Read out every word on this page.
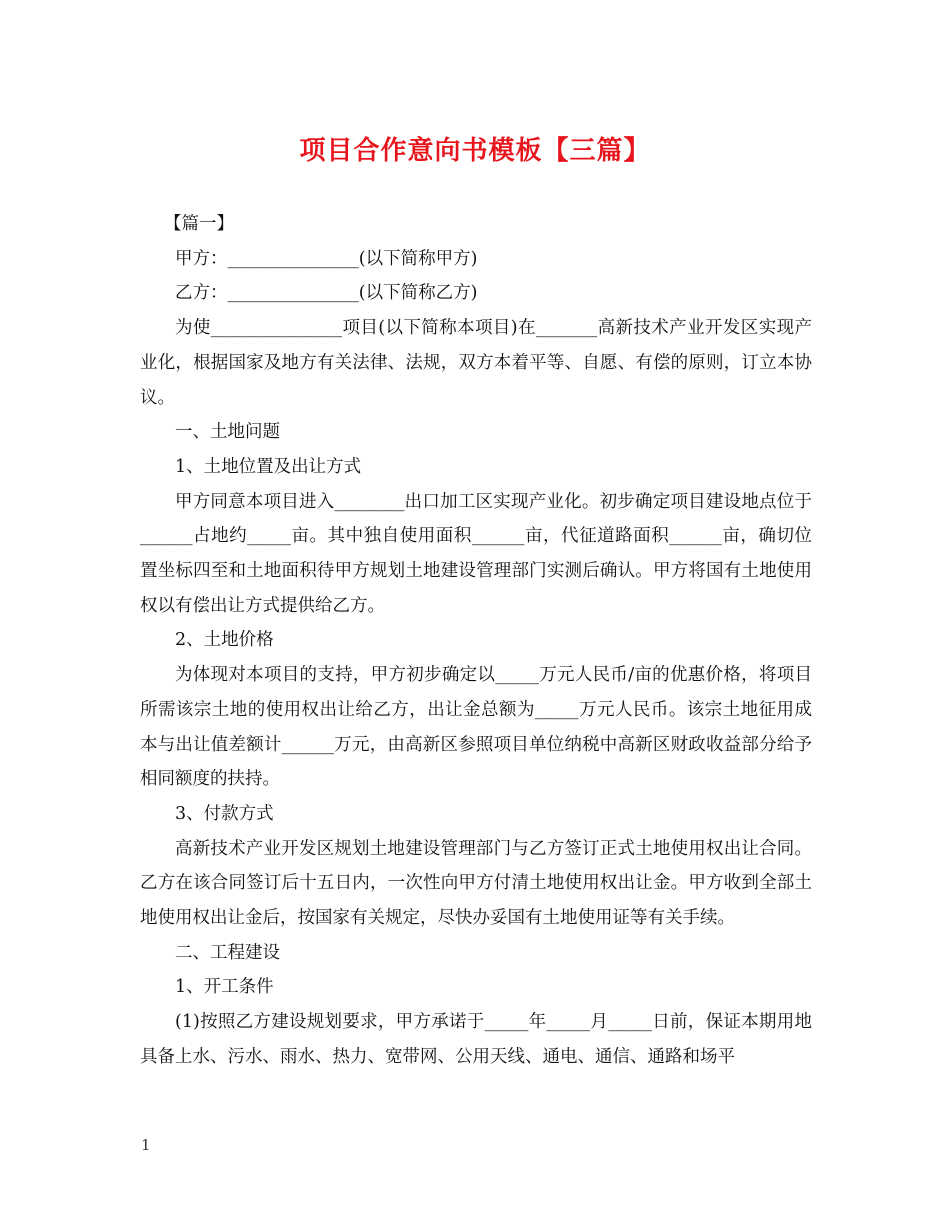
项目合作意向书模板【三篇】

【篇一】

甲方：_______________(以下简称甲方)

乙方：_______________(以下简称乙方)

为使_______________项目(以下简称本项目)在_______高新技术产业开发区实现产业化，根据国家及地方有关法律、法规，双方本着平等、自愿、有偿的原则，订立本协议。

一、土地问题

1、土地位置及出让方式

甲方同意本项目进入________出口加工区实现产业化。初步确定项目建设地点位于______占地约_____亩。其中独自使用面积______亩，代征道路面积______亩，确切位置坐标四至和土地面积待甲方规划土地建设管理部门实测后确认。甲方将国有土地使用权以有偿出让方式提供给乙方。

2、土地价格

为体现对本项目的支持，甲方初步确定以_____万元人民币/亩的优惠价格，将项目所需该宗土地的使用权出让给乙方，出让金总额为_____万元人民币。该宗土地征用成本与出让值差额计______万元，由高新区参照项目单位纳税中高新区财政收益部分给予相同额度的扶持。

3、付款方式

高新技术产业开发区规划土地建设管理部门与乙方签订正式土地使用权出让合同。乙方在该合同签订后十五日内，一次性向甲方付清土地使用权出让金。甲方收到全部土地使用权出让金后，按国家有关规定，尽快办妥国有土地使用证等有关手续。

二、工程建设

1、开工条件

(1)按照乙方建设规划要求，甲方承诺于_____年_____月_____日前，保证本期用地具备上水、污水、雨水、热力、宽带网、公用天线、通电、通信、通路和场平

1
